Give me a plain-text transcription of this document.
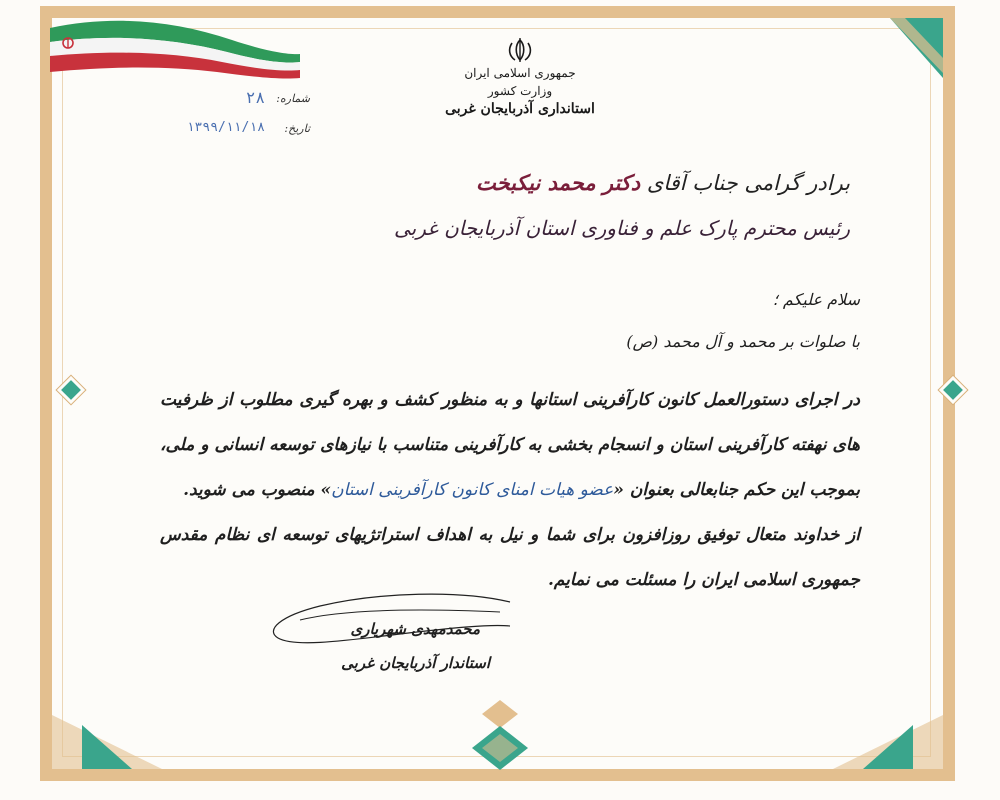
جمهوری اسلامی ایران
وزارت کشور
استانداری آذربایجان غربی
شماره:
۲۸
تاریخ:
۱۳۹۹/۱۱/۱۸
برادر گرامی جناب آقای دکتر محمد نیکبخت
رئیس محترم پارک علم و فناوری استان آذربایجان غربی
سلام علیکم ؛
با صلوات بر محمد و آل محمد (ص)
در اجرای دستورالعمل کانون کارآفرینی استانها و به منظور کشف و بهره گیری مطلوب از ظرفیت های نهفته کارآفرینی استان و انسجام بخشی به کارآفرینی متناسب با نیازهای توسعه انسانی و ملی، بموجب این حکم جنابعالی بعنوان «عضو هیات امنای کانون کارآفرینی استان» منصوب می شوید.
از خداوند متعال توفیق روزافزون برای شما و نیل به اهداف استراتژیهای توسعه ای نظام مقدس جمهوری اسلامی ایران را مسئلت می نمایم.
محمدمهدی شهریاری
استاندار آذربایجان غربی
